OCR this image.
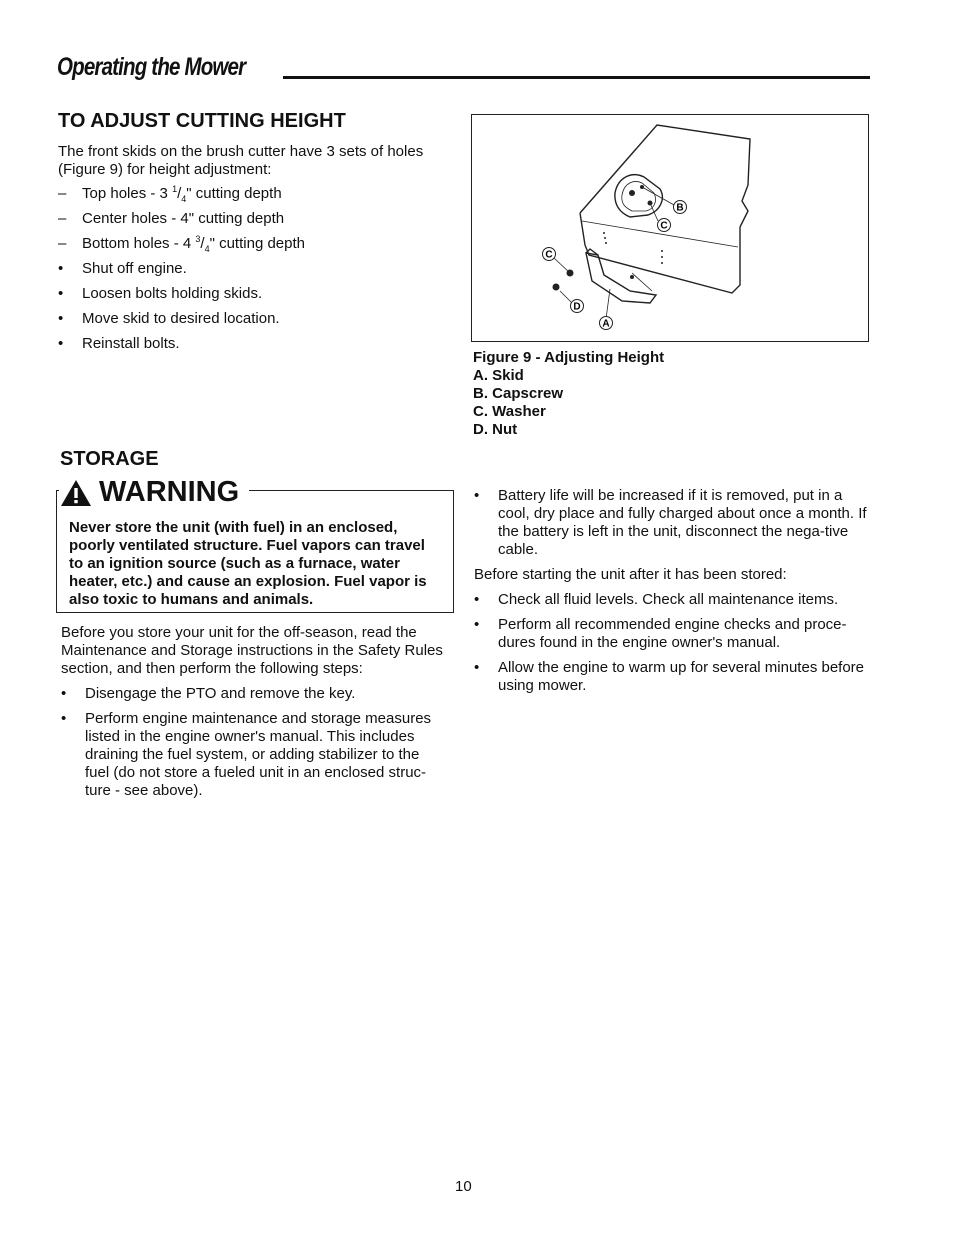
Operating the Mower
TO ADJUST CUTTING HEIGHT
The front skids on the brush cutter have 3 sets of holes (Figure 9) for height adjustment:
– Top holes - 3 $^1/_4$" cutting depth
– Center holes - 4" cutting depth
– Bottom holes - 4 $^3/_4$" cutting depth
• Shut off engine.
• Loosen bolts holding skids.
• Move skid to desired location.
• Reinstall bolts.
B
C
C
D
A
Figure 9 - Adjusting Height
A. Skid
B. Capscrew
C. Washer
D. Nut
STORAGE
WARNING
Never store the unit (with fuel) in an enclosed, poorly ventilated structure. Fuel vapors can travel to an ignition source (such as a furnace, water heater, etc.) and cause an explosion. Fuel vapor is also toxic to humans and animals.
Before you store your unit for the off-season, read the Maintenance and Storage instructions in the Safety Rules section, and then perform the following steps:
• Disengage the PTO and remove the key.
• Perform engine maintenance and storage measures listed in the engine owner's manual. This includes draining the fuel system, or adding stabilizer to the fuel (do not store a fueled unit in an enclosed struc-ture - see above).
• Battery life will be increased if it is removed, put in a cool, dry place and fully charged about once a month. If the battery is left in the unit, disconnect the nega-tive cable.
Before starting the unit after it has been stored:
• Check all fluid levels. Check all maintenance items.
• Perform all recommended engine checks and proce-dures found in the engine owner's manual.
• Allow the engine to warm up for several minutes before using mower.
10
